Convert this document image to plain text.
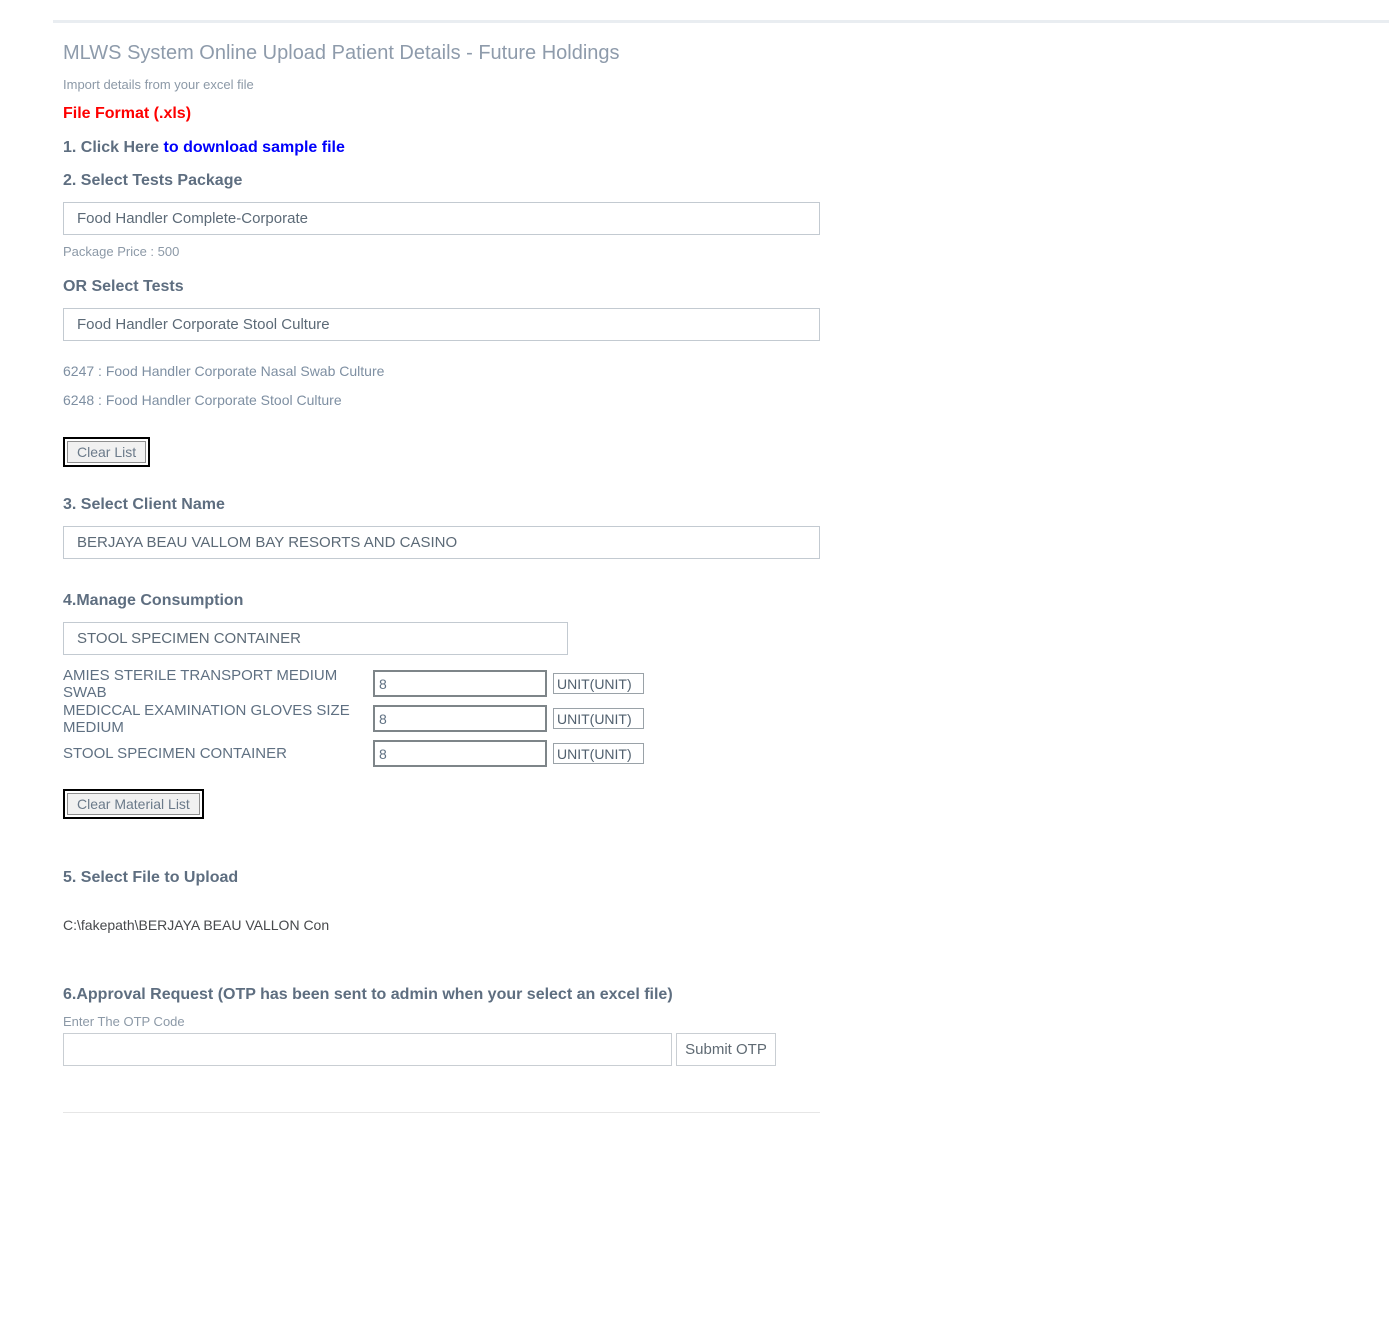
MLWS System Online Upload Patient Details - Future Holdings
Import details from your excel file
File Format (.xls)
1. Click Here to download sample file
2. Select Tests Package
Food Handler Complete-Corporate
Package Price : 500
OR Select Tests
Food Handler Corporate Stool Culture
6247 : Food Handler Corporate Nasal Swab Culture
6248 : Food Handler Corporate Stool Culture
Clear List
3. Select Client Name
BERJAYA BEAU VALLOM BAY RESORTS AND CASINO
4.Manage Consumption
STOOL SPECIMEN CONTAINER
AMIES STERILE TRANSPORT MEDIUM SWAB
8	UNIT(UNIT)
MEDICCAL EXAMINATION GLOVES SIZE MEDIUM
8	UNIT(UNIT)
STOOL SPECIMEN CONTAINER
8	UNIT(UNIT)
Clear Material List
5. Select File to Upload
C:\fakepath\BERJAYA BEAU VALLON Con
6.Approval Request (OTP has been sent to admin when your select an excel file)
Enter The OTP Code
Submit OTP
